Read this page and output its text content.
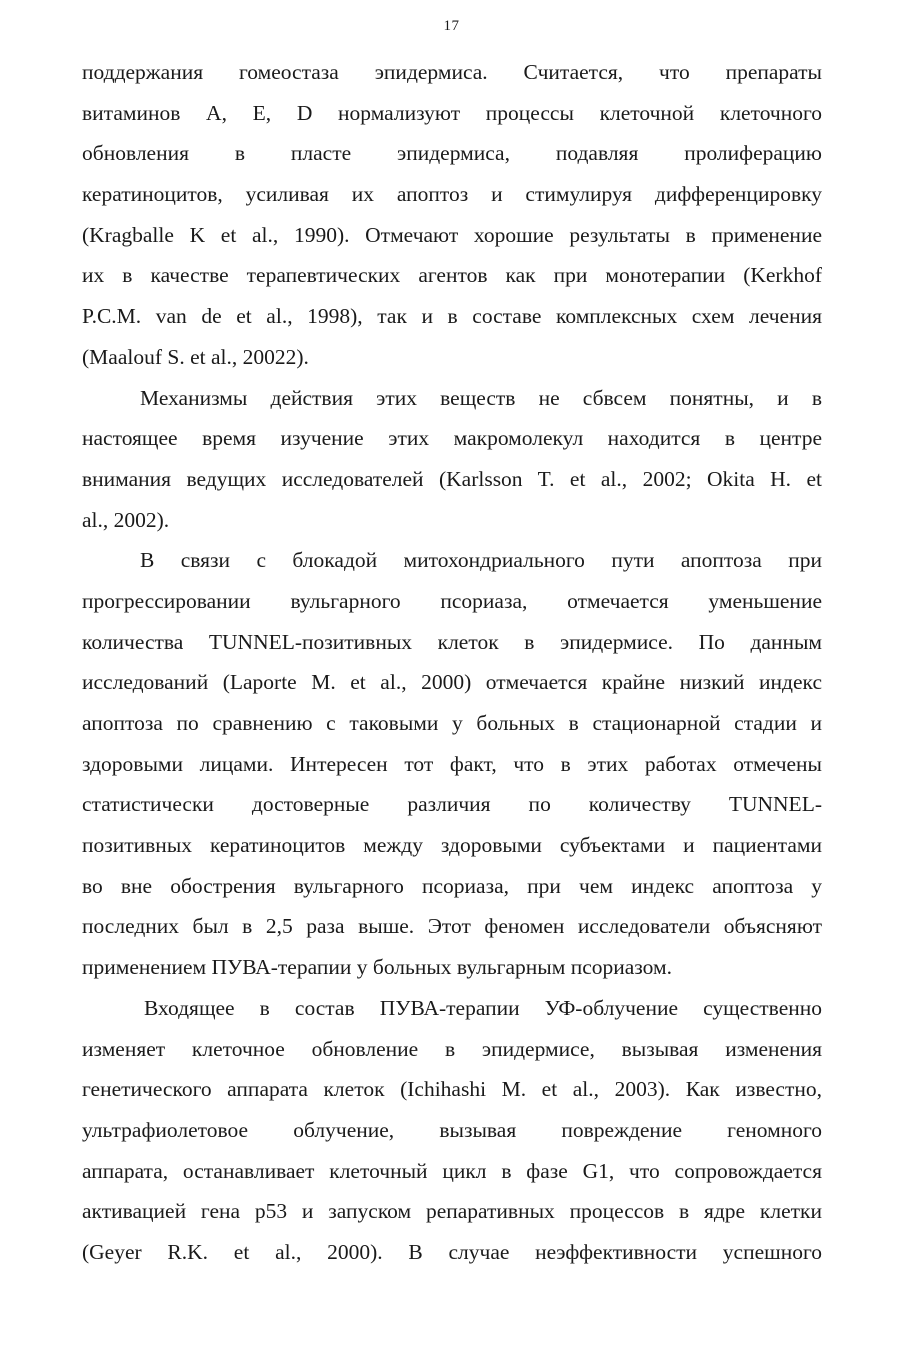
17
поддержания гомеостаза эпидермиса. Считается, что препараты
витаминов А, Е, D нормализуют процессы клеточной клеточного
обновления в пласте эпидермиса, подавляя пролиферацию
кератиноцитов, усиливая их апоптоз и стимулируя дифференцировку
(Kragballe K et al., 1990). Отмечают хорошие результаты в применение
их в качестве терапевтических агентов как при монотерапии (Kerkhof
P.C.M. van de et al., 1998), так и в составе комплексных схем лечения
(Maalouf S. et al., 20022).
Механизмы действия этих веществ не сбвсем понятны, и в
настоящее время изучение этих макромолекул находится в центре
внимания ведущих исследователей (Karlsson T. et al., 2002; Okita H. et
al., 2002).
В связи с блокадой митохондриального пути апоптоза при
прогрессировании вульгарного псориаза, отмечается уменьшение
количества TUNNEL-позитивных клеток в эпидермисе. По данным
исследований (Laporte M. et al., 2000) отмечается крайне низкий индекс
апоптоза по сравнению с таковыми у больных в стационарной стадии и
здоровыми лицами. Интересен тот факт, что в этих работах отмечены
статистически достоверные различия по количеству TUNNEL-
позитивных кератиноцитов между здоровыми субъектами и пациентами
во вне обострения вульгарного псориаза, при чем индекс апоптоза у
последних был в 2,5 раза выше. Этот феномен исследователи объясняют
применением ПУВА-терапии у больных вульгарным псориазом.
Входящее в состав ПУВА-терапии УФ-облучение существенно
изменяет клеточное обновление в эпидермисе, вызывая изменения
генетического аппарата клеток (Ichihashi M. et al., 2003). Как известно,
ультрафиолетовое облучение, вызывая повреждение геномного
аппарата, останавливает клеточный цикл в фазе G1, что сопровождается
активацией гена p53 и запуском репаративных процессов в ядре клетки
(Geyer R.K. et al., 2000). В случае неэффективности успешного
